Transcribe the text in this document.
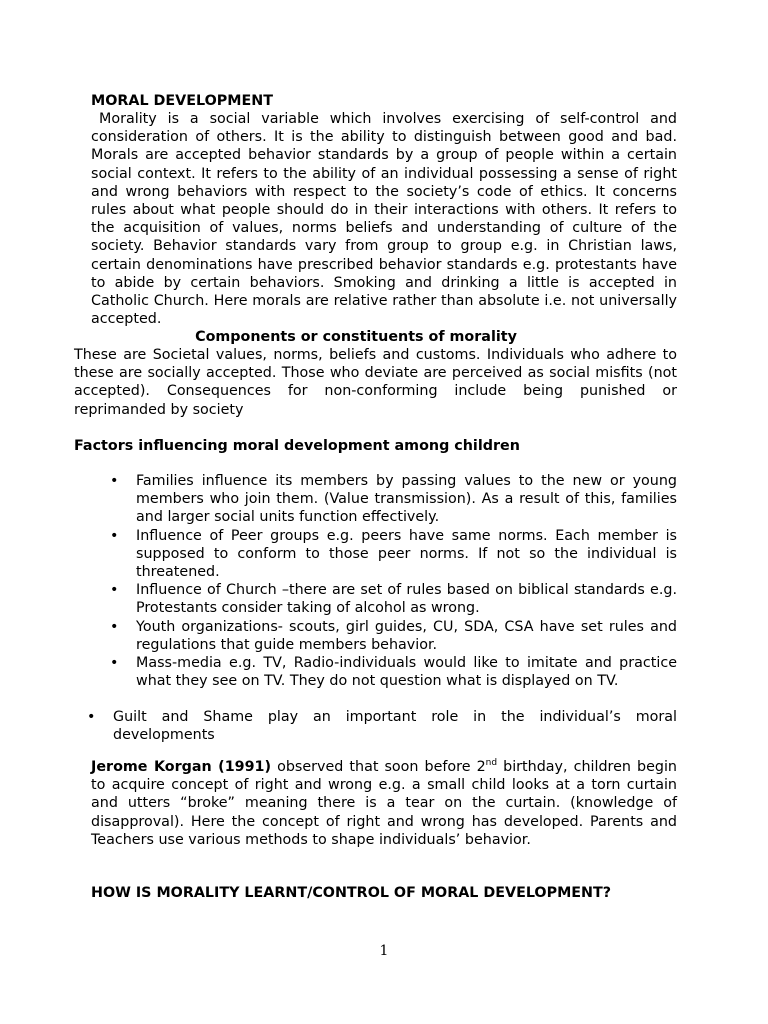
MORAL DEVELOPMENT

Morality is a social variable which involves exercising of self-control and consideration of others. It is the ability to distinguish between good and bad. Morals are accepted behavior standards by a group of people within a certain social context. It refers to the ability of an individual possessing a sense of right and wrong behaviors with respect to the society’s code of ethics. It concerns rules about what people should do in their interactions with others. It refers to the acquisition of values, norms beliefs and understanding of culture of the society. Behavior standards vary from group to group e.g. in Christian laws, certain denominations have prescribed behavior standards e.g. protestants have to abide by certain behaviors. Smoking and drinking a little is accepted in Catholic Church. Here morals are relative rather than absolute i.e. not universally accepted.

Components or constituents of morality

These are Societal values, norms, beliefs and customs. Individuals who adhere to these are socially accepted. Those who deviate are perceived as social misfits (not accepted). Consequences for non-conforming include being punished or reprimanded by society

Factors influencing moral development among children

• Families influence its members by passing values to the new or young members who join them. (Value transmission). As a result of this, families and larger social units function effectively.
• Influence of Peer groups e.g. peers have same norms. Each member is supposed to conform to those peer norms. If not so the individual is threatened.
• Influence of Church –there are set of rules based on biblical standards e.g. Protestants consider taking of alcohol as wrong.
• Youth organizations- scouts, girl guides, CU, SDA, CSA have set rules and regulations that guide members behavior.
• Mass-media e.g. TV, Radio-individuals would like to imitate and practice what they see on TV. They do not question what is displayed on TV.
• Guilt and Shame play an important role in the individual’s moral developments

Jerome Korgan (1991) observed that soon before 2nd birthday, children begin to acquire concept of right and wrong e.g. a small child looks at a torn curtain and utters “broke” meaning there is a tear on the curtain. (knowledge of disapproval). Here the concept of right and wrong has developed. Parents and Teachers use various methods to shape individuals’ behavior.

HOW IS MORALITY LEARNT/CONTROL OF MORAL DEVELOPMENT?

1
